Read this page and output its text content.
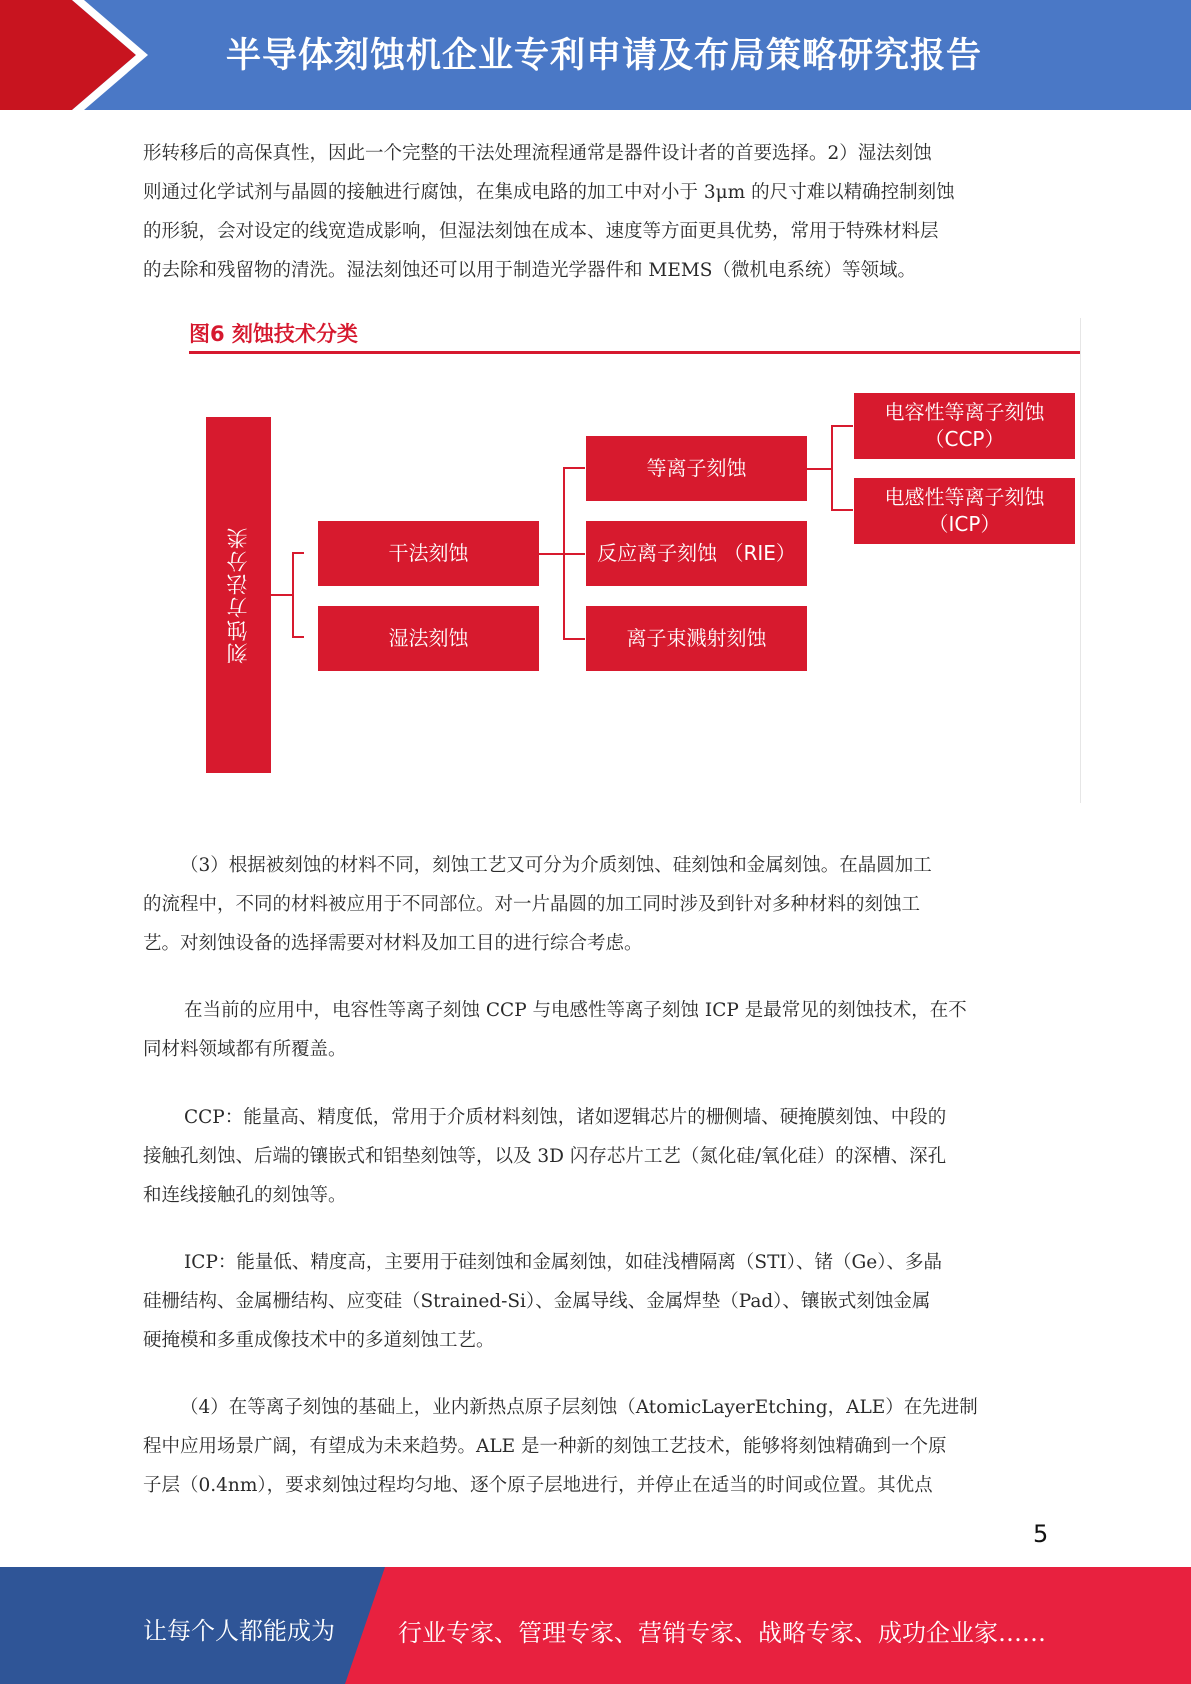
半导体刻蚀机企业专利申请及布局策略研究报告
形转移后的高保真性，因此一个完整的干法处理流程通常是器件设计者的首要选择。2）湿法刻蚀
则通过化学试剂与晶圆的接触进行腐蚀，在集成电路的加工中对小于 3μm 的尺寸难以精确控制刻蚀
的形貌，会对设定的线宽造成影响，但湿法刻蚀在成本、速度等方面更具优势，常用于特殊材料层
的去除和残留物的清洗。湿法刻蚀还可以用于制造光学器件和 MEMS（微机电系统）等领域。
图6 刻蚀技术分类
刻蚀方法分类	干法刻蚀
湿法刻蚀
等离子刻蚀
反应离子刻蚀 （RIE）
离子束溅射刻蚀
电容性等离子刻蚀
（CCP）
电感性等离子刻蚀
（ICP）
（3）根据被刻蚀的材料不同，刻蚀工艺又可分为介质刻蚀、硅刻蚀和金属刻蚀。在晶圆加工
的流程中，不同的材料被应用于不同部位。对一片晶圆的加工同时涉及到针对多种材料的刻蚀工
艺。对刻蚀设备的选择需要对材料及加工目的进行综合考虑。
在当前的应用中，电容性等离子刻蚀 CCP 与电感性等离子刻蚀 ICP 是最常见的刻蚀技术，在不
同材料领域都有所覆盖。
CCP：能量高、精度低，常用于介质材料刻蚀，诸如逻辑芯片的栅侧墙、硬掩膜刻蚀、中段的
接触孔刻蚀、后端的镶嵌式和铝垫刻蚀等，以及 3D 闪存芯片工艺（氮化硅/氧化硅）的深槽、深孔
和连线接触孔的刻蚀等。
ICP：能量低、精度高，主要用于硅刻蚀和金属刻蚀，如硅浅槽隔离（STI）、锗（Ge）、多晶
硅栅结构、金属栅结构、应变硅（Strained-Si）、金属导线、金属焊垫（Pad）、镶嵌式刻蚀金属
硬掩模和多重成像技术中的多道刻蚀工艺。
（4）在等离子刻蚀的基础上，业内新热点原子层刻蚀（AtomicLayerEtching，ALE）在先进制
程中应用场景广阔，有望成为未来趋势。ALE 是一种新的刻蚀工艺技术，能够将刻蚀精确到一个原
子层（0.4nm），要求刻蚀过程均匀地、逐个原子层地进行，并停止在适当的时间或位置。其优点
5
让每个人都能成为	行业专家、管理专家、营销专家、战略专家、成功企业家……
